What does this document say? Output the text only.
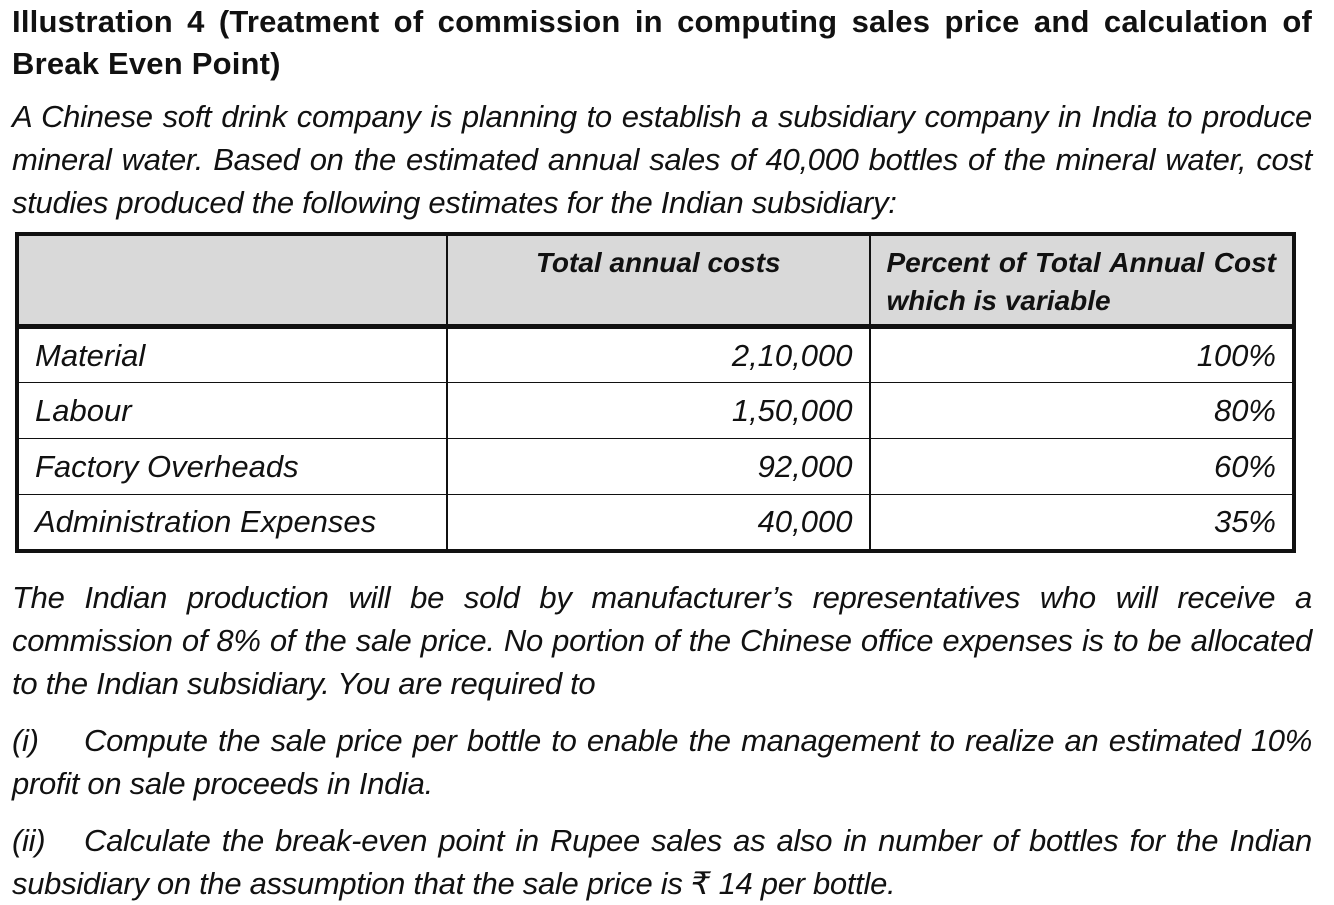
Illustration 4 (Treatment of commission in computing sales price and calculation of Break Even Point)

A Chinese soft drink company is planning to establish a subsidiary company in India to produce mineral water. Based on the estimated annual sales of 40,000 bottles of the mineral water, cost studies produced the following estimates for the Indian subsidiary:

	Total annual costs	Percent of Total Annual Cost which is variable
Material	2,10,000	100%
Labour	1,50,000	80%
Factory Overheads	92,000	60%
Administration Expenses	40,000	35%

The Indian production will be sold by manufacturer’s representatives who will receive a commission of 8% of the sale price. No portion of the Chinese office expenses is to be allocated to the Indian subsidiary. You are required to

(i) Compute the sale price per bottle to enable the management to realize an estimated 10% profit on sale proceeds in India.

(ii) Calculate the break-even point in Rupee sales as also in number of bottles for the Indian subsidiary on the assumption that the sale price is ₹ 14 per bottle.
